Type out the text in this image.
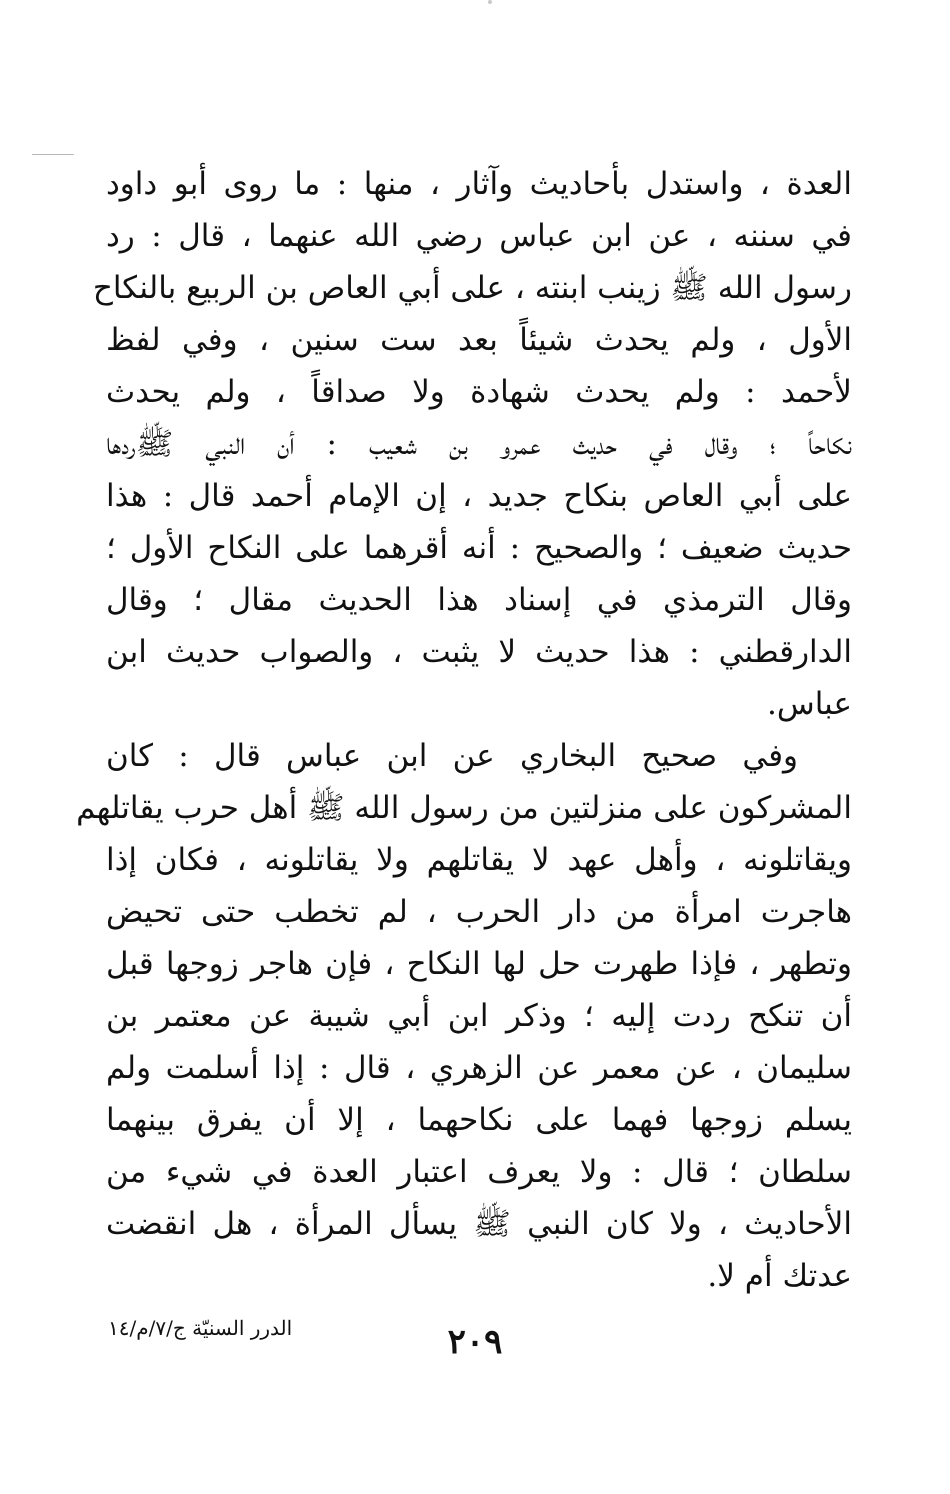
العدة ، واستدل بأحاديث وآثار ، منها : ما روى أبو داود
في سننه ، عن ابن عباس رضي الله عنهما ، قال : رد
رسول الله ﷺ زينب ابنته ، على أبي العاص بن الربيع بالنكاح
الأول ، ولم يحدث شيئاً بعد ست سنين ، وفي لفظ
لأحمد : ولم يحدث شهادة ولا صداقاً ، ولم يحدث
نكاحاً ؛ وقال في حديث عمرو بن شعيب : أن النبي ﷺردها
على أبي العاص بنكاح جديد ، إن الإمام أحمد قال : هذا
حديث ضعيف ؛ والصحيح : أنه أقرهما على النكاح الأول ؛
وقال الترمذي في إسناد هذا الحديث مقال ؛ وقال
الدارقطني : هذا حديث لا يثبت ، والصواب حديث ابن
عباس.
وفي صحيح البخاري عن ابن عباس قال : كان
المشركون على منزلتين من رسول الله ﷺ أهل حرب يقاتلهم
ويقاتلونه ، وأهل عهد لا يقاتلهم ولا يقاتلونه ، فكان إذا
هاجرت امرأة من دار الحرب ، لم تخطب حتى تحيض
وتطهر ، فإذا طهرت حل لها النكاح ، فإن هاجر زوجها قبل
أن تنكح ردت إليه ؛ وذكر ابن أبي شيبة عن معتمر بن
سليمان ، عن معمر عن الزهري ، قال : إذا أسلمت ولم
يسلم زوجها فهما على نكاحهما ، إلا أن يفرق بينهما
سلطان ؛ قال : ولا يعرف اعتبار العدة في شيء من
الأحاديث ، ولا كان النبي ﷺ يسأل المرأة ، هل انقضت
عدتك أم لا.
الدرر السنيّة ج/٧/م/١٤	٢٠٩
